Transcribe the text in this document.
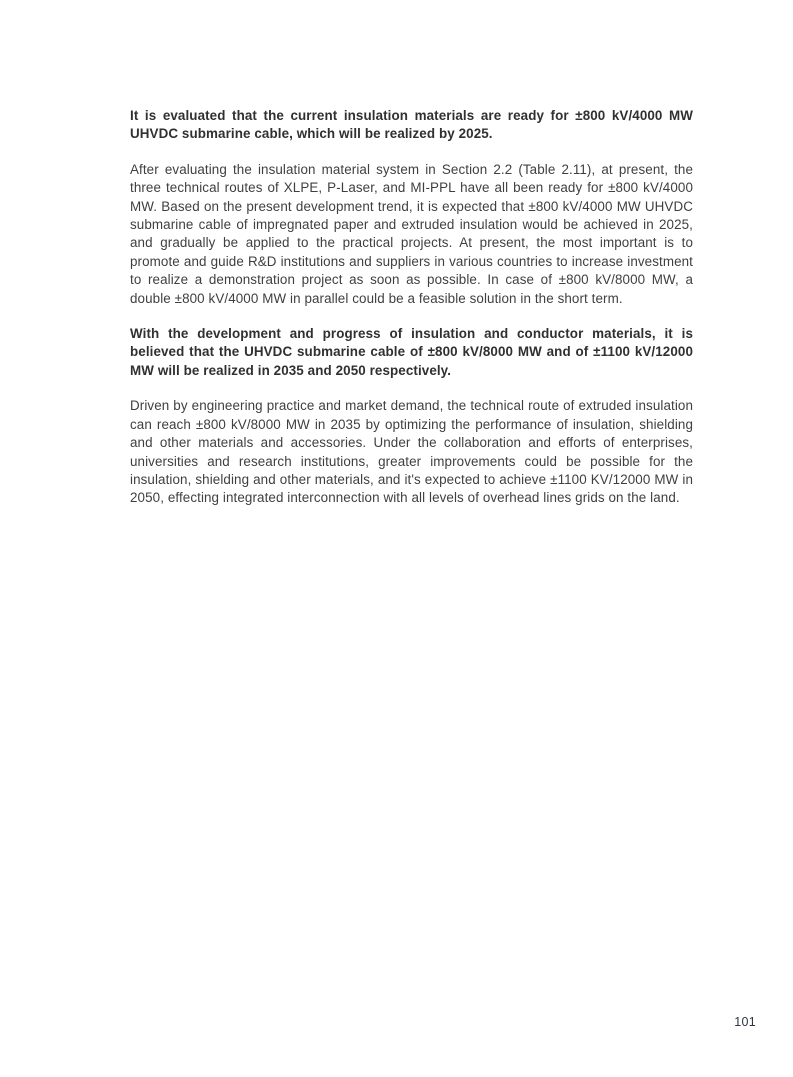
It is evaluated that the current insulation materials are ready for ±800 kV/4000 MW UHVDC submarine cable, which will be realized by 2025.

After evaluating the insulation material system in Section 2.2 (Table 2.11), at present, the three technical routes of XLPE, P-Laser, and MI-PPL have all been ready for ±800 kV/4000 MW. Based on the present development trend, it is expected that ±800 kV/4000 MW UHVDC submarine cable of impregnated paper and extruded insulation would be achieved in 2025, and gradually be applied to the practical projects. At present, the most important is to promote and guide R&D institutions and suppliers in various countries to increase investment to realize a demonstration project as soon as possible. In case of ±800 kV/8000 MW, a double ±800 kV/4000 MW in parallel could be a feasible solution in the short term.

With the development and progress of insulation and conductor materials, it is believed that the UHVDC submarine cable of ±800 kV/8000 MW and of ±1100 kV/12000 MW will be realized in 2035 and 2050 respectively.

Driven by engineering practice and market demand, the technical route of extruded insulation can reach ±800 kV/8000 MW in 2035 by optimizing the performance of insulation, shielding and other materials and accessories. Under the collaboration and efforts of enterprises, universities and research institutions, greater improvements could be possible for the insulation, shielding and other materials, and it's expected to achieve ±1100 KV/12000 MW in 2050, effecting integrated interconnection with all levels of overhead lines grids on the land.

101
